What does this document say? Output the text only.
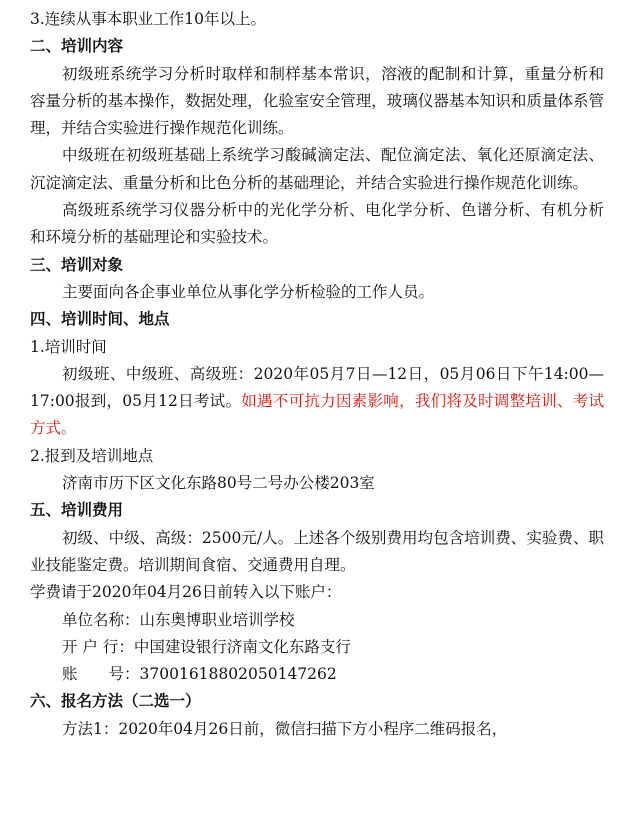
3.连续从事本职业工作10年以上。
二、培训内容

初级班系统学习分析时取样和制样基本常识，溶液的配制和计算，重量分析和容量分析的基本操作，数据处理，化验室安全管理，玻璃仪器基本知识和质量体系管理，并结合实验进行操作规范化训练。

中级班在初级班基础上系统学习酸碱滴定法、配位滴定法、氧化还原滴定法、沉淀滴定法、重量分析和比色分析的基础理论，并结合实验进行操作规范化训练。

高级班系统学习仪器分析中的光化学分析、电化学分析、色谱分析、有机分析和环境分析的基础理论和实验技术。

三、培训对象
主要面向各企事业单位从事化学分析检验的工作人员。
四、培训时间、地点
1.培训时间

初级班、中级班、高级班：2020年05月7日—12日，05月06日下午14:00—17:00报到，05月12日考试。如遇不可抗力因素影响，我们将及时调整培训、考试方式。

2.报到及培训地点
济南市历下区文化东路80号二号办公楼203室
五、培训费用

初级、中级、高级：2500元/人。上述各个级别费用均包含培训费、实验费、职业技能鉴定费。培训期间食宿、交通费用自理。

学费请于2020年04月26日前转入以下账户：
单位名称：山东奥博职业培训学校
开 户 行：中国建设银行济南文化东路支行
账　　号：37001618802050147262
六、报名方法（二选一）
方法1：2020年04月26日前，微信扫描下方小程序二维码报名，
